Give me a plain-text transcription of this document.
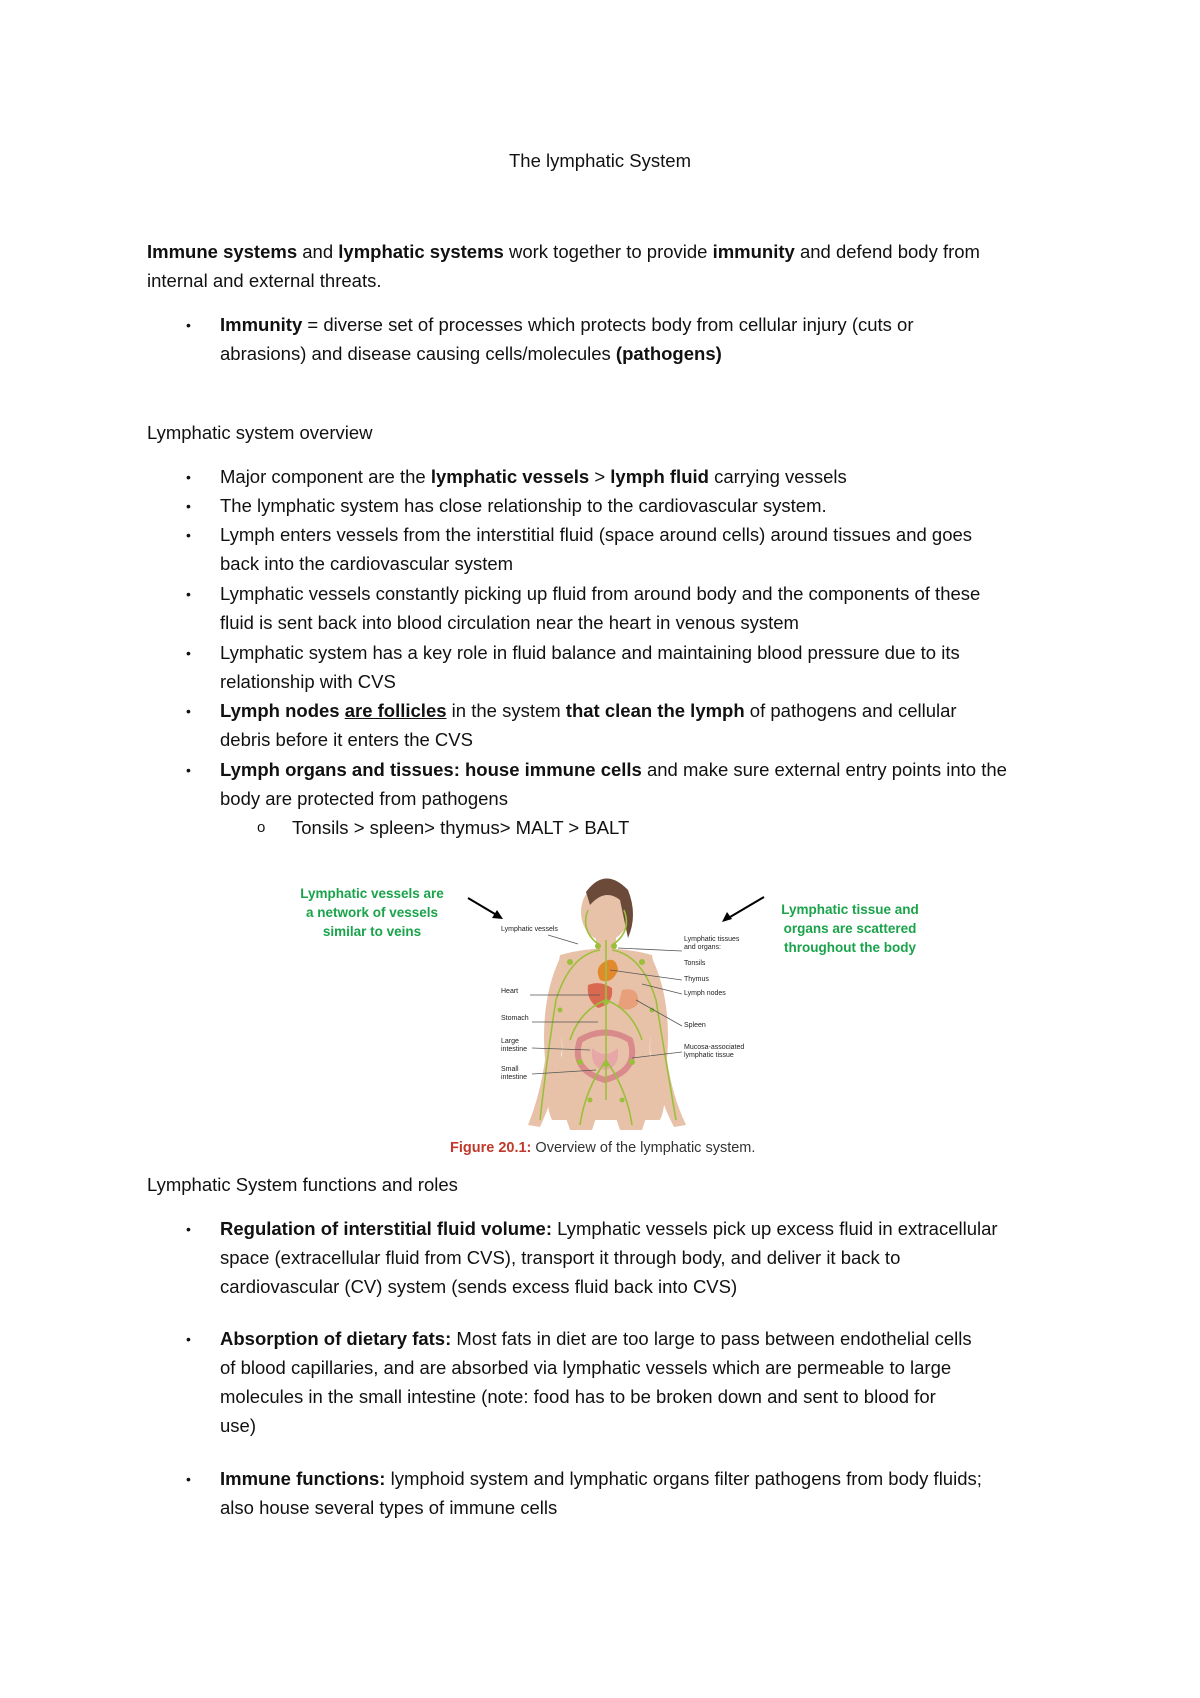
The lymphatic System
Immune systems and lymphatic systems work together to provide immunity and defend body from
internal and external threats.
• Immunity = diverse set of processes which protects body from cellular injury (cuts or
abrasions) and disease causing cells/molecules (pathogens)
Lymphatic system overview
• Major component are the lymphatic vessels > lymph fluid carrying vessels
• The lymphatic system has close relationship to the cardiovascular system.
• Lymph enters vessels from the interstitial fluid (space around cells) around tissues and goes
back into the cardiovascular system
• Lymphatic vessels constantly picking up fluid from around body and the components of these
fluid is sent back into blood circulation near the heart in venous system
• Lymphatic system has a key role in fluid balance and maintaining blood pressure due to its
relationship with CVS
• Lymph nodes are follicles in the system that clean the lymph of pathogens and cellular
debris before it enters the CVS
• Lymph organs and tissues: house immune cells and make sure external entry points into the
body are protected from pathogens
o Tonsils > spleen> thymus> MALT > BALT
Lymphatic vessels are
a network of vessels
similar to veins
Lymphatic tissue and
organs are scattered
throughout the body
Lymphatic vessels
Heart
Stomach
Large intestine
Small intestine
Lymphatic tissues and organs:
Tonsils
Thymus
Lymph nodes
Spleen
Mucosa-associated lymphatic tissue
Figure 20.1: Overview of the lymphatic system.
Lymphatic System functions and roles
• Regulation of interstitial fluid volume: Lymphatic vessels pick up excess fluid in extracellular
space (extracellular fluid from CVS), transport it through body, and deliver it back to
cardiovascular (CV) system (sends excess fluid back into CVS)
• Absorption of dietary fats: Most fats in diet are too large to pass between endothelial cells
of blood capillaries, and are absorbed via lymphatic vessels which are permeable to large
molecules in the small intestine (note: food has to be broken down and sent to blood for
use)
• Immune functions: lymphoid system and lymphatic organs filter pathogens from body fluids;
also house several types of immune cells
